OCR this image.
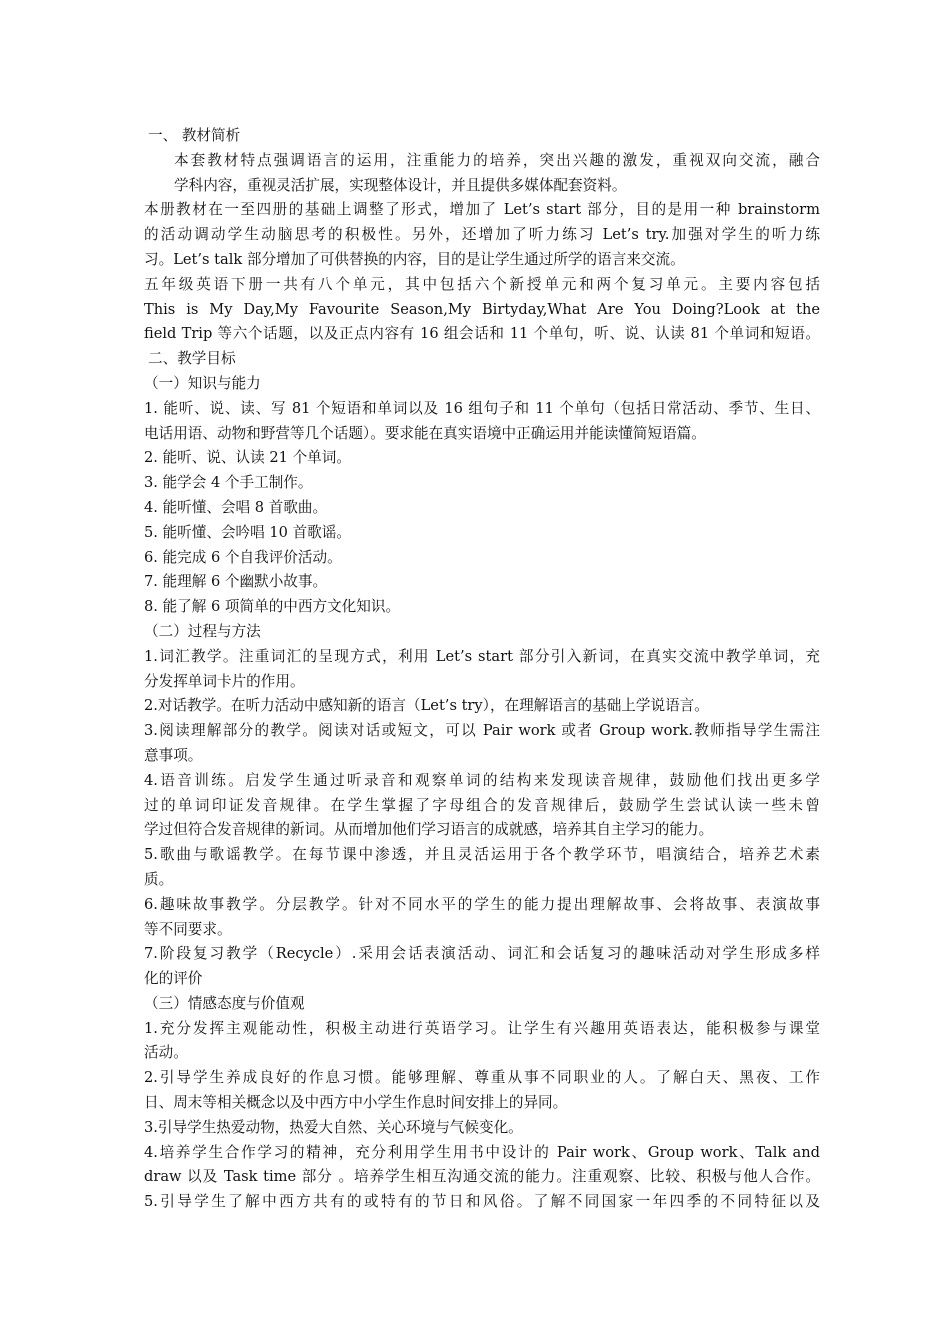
一、 教材简析
本套教材特点强调语言的运用，注重能力的培养，突出兴趣的激发，重视双向交流，融合
学科内容，重视灵活扩展，实现整体设计，并且提供多媒体配套资料。
本册教材在一至四册的基础上调整了形式，增加了 Let’s start 部分，目的是用一种 brainstorm
的活动调动学生动脑思考的积极性。另外，还增加了听力练习 Let’s try.加强对学生的听力练
习。Let’s talk 部分增加了可供替换的内容，目的是让学生通过所学的语言来交流。
五年级英语下册一共有八个单元，其中包括六个新授单元和两个复习单元。主要内容包括
This is My Day,My Favourite Season,My Birtyday,What Are You Doing?Look at the
field Trip 等六个话题，以及正点内容有 16 组会话和 11 个单句，听、说、认读 81 个单词和短语。
二、教学目标
（一）知识与能力
1. 能听、说、读、写 81 个短语和单词以及 16 组句子和 11 个单句（包括日常活动、季节、生日、
电话用语、动物和野营等几个话题）。要求能在真实语境中正确运用并能读懂简短语篇。
2. 能听、说、认读 21 个单词。
3. 能学会 4 个手工制作。
4. 能听懂、会唱 8 首歌曲。
5. 能听懂、会吟唱 10 首歌谣。
6. 能完成 6 个自我评价活动。
7. 能理解 6 个幽默小故事。
8. 能了解 6 项简单的中西方文化知识。
（二）过程与方法
1.词汇教学。注重词汇的呈现方式，利用 Let’s start 部分引入新词，在真实交流中教学单词，充
分发挥单词卡片的作用。
2.对话教学。在听力活动中感知新的语言（Let’s try），在理解语言的基础上学说语言。
3.阅读理解部分的教学。阅读对话或短文，可以 Pair work 或者 Group work.教师指导学生需注
意事项。
4.语音训练。启发学生通过听录音和观察单词的结构来发现读音规律，鼓励他们找出更多学
过的单词印证发音规律。在学生掌握了字母组合的发音规律后，鼓励学生尝试认读一些未曾
学过但符合发音规律的新词。从而增加他们学习语言的成就感，培养其自主学习的能力。
5.歌曲与歌谣教学。在每节课中渗透，并且灵活运用于各个教学环节，唱演结合，培养艺术素
质。
6.趣味故事教学。分层教学。针对不同水平的学生的能力提出理解故事、会将故事、表演故事
等不同要求。
7.阶段复习教学（Recycle）.采用会话表演活动、词汇和会话复习的趣味活动对学生形成多样
化的评价
（三）情感态度与价值观
1.充分发挥主观能动性，积极主动进行英语学习。让学生有兴趣用英语表达，能积极参与课堂
活动。
2.引导学生养成良好的作息习惯。能够理解、尊重从事不同职业的人。了解白天、黑夜、工作
日、周末等相关概念以及中西方中小学生作息时间安排上的异同。
3.引导学生热爱动物，热爱大自然、关心环境与气候变化。
4.培养学生合作学习的精神，充分利用学生用书中设计的 Pair work、Group work、Talk and
draw 以及 Task time 部分 。培养学生相互沟通交流的能力。注重观察、比较、积极与他人合作。
5.引导学生了解中西方共有的或特有的节日和风俗。了解不同国家一年四季的不同特征以及
